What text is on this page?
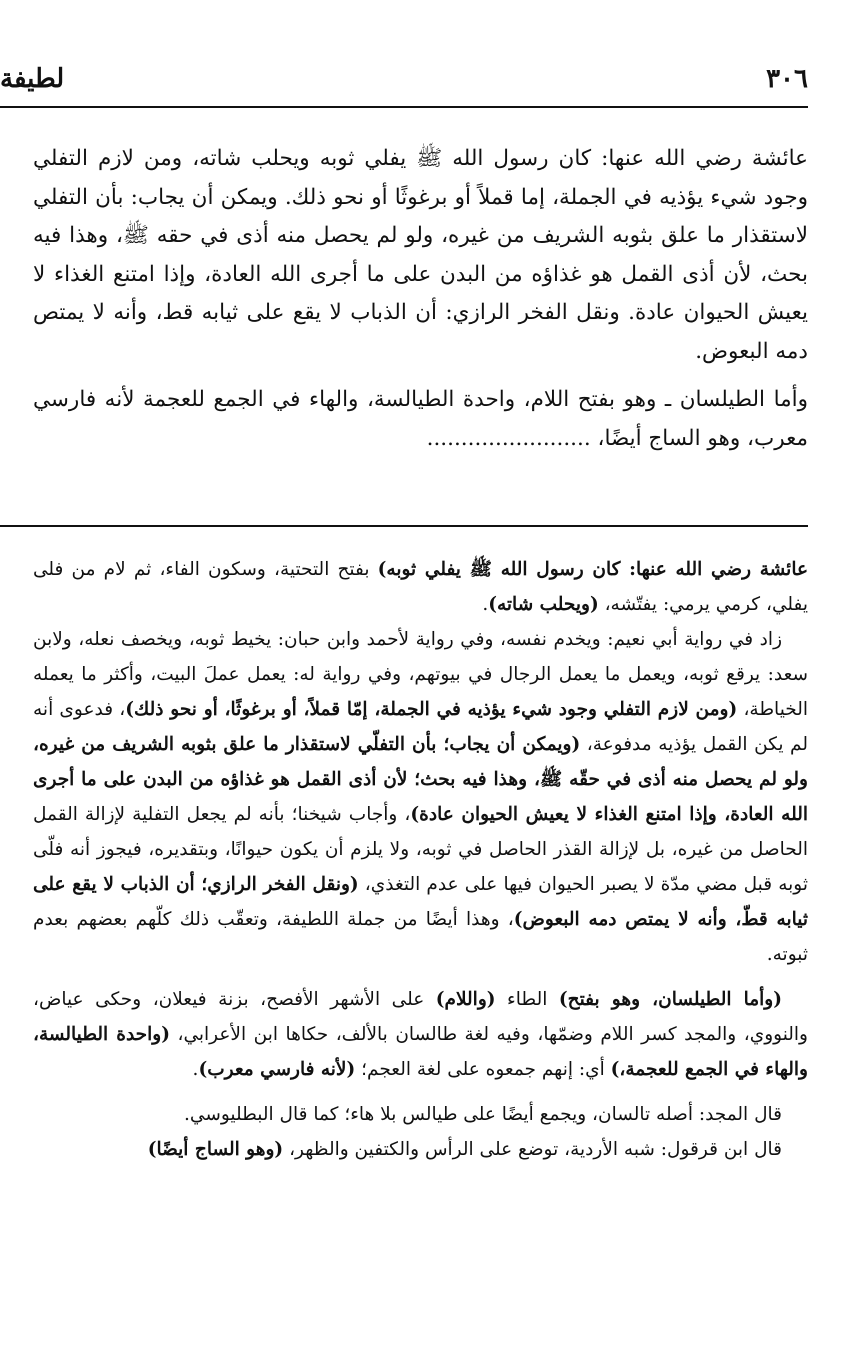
٣٠٦
لطيفة

عائشة رضي الله عنها: كان رسول الله ﷺ يفلي ثوبه ويحلب شاته، ومن لازم التفلي وجود شيء يؤذيه في الجملة، إما قملاً أو برغوثًا أو نحو ذلك. ويمكن أن يجاب: بأن التفلي لاستقذار ما علق بثوبه الشريف من غيره، ولو لم يحصل منه أذى في حقه ﷺ، وهذا فيه بحث، لأن أذى القمل هو غذاؤه من البدن على ما أجرى الله العادة، وإذا امتنع الغذاء لا يعيش الحيوان عادة. ونقل الفخر الرازي: أن الذباب لا يقع على ثيابه قط، وأنه لا يمتص دمه البعوض.

وأما الطيلسان ـ وهو بفتح اللام، واحدة الطيالسة، والهاء في الجمع للعجمة لأنه فارسي معرب، وهو الساج أيضًا، ........................

عائشة رضي الله عنها: كان رسول الله ﷺ يفلي ثوبه) بفتح التحتية، وسكون الفاء، ثم لام من فلى يفلي، كرمي يرمي: يفتّشه، (ويحلب شاته).

زاد في رواية أبي نعيم: ويخدم نفسه، وفي رواية لأحمد وابن حبان: يخيط ثوبه، ويخصف نعله، ولابن سعد: يرقع ثوبه، ويعمل ما يعمل الرجال في بيوتهم، وفي رواية له: يعمل عملَ البيت، وأكثر ما يعمله الخياطة، (ومن لازم التفلي وجود شيء يؤذيه في الجملة، إمّا قملاً، أو برغوثًا، أو نحو ذلك)، فدعوى أنه لم يكن القمل يؤذيه مدفوعة، (ويمكن أن يجاب؛ بأن التفلّي لاستقذار ما علق بثوبه الشريف من غيره، ولو لم يحصل منه أذى في حقّه ﷺ، وهذا فيه بحث؛ لأن أذى القمل هو غذاؤه من البدن على ما أجرى الله العادة، وإذا امتنع الغذاء لا يعيش الحيوان عادة)، وأجاب شيخنا؛ بأنه لم يجعل التفلية لإزالة القمل الحاصل من غيره، بل لإزالة القذر الحاصل في ثوبه، ولا يلزم أن يكون حيوانًا، وبتقديره، فيجوز أنه فلّى ثوبه قبل مضي مدّة لا يصبر الحيوان فيها على عدم التغذي، (ونقل الفخر الرازي؛ أن الذباب لا يقع على ثيابه قطّ، وأنه لا يمتص دمه البعوض)، وهذا أيضًا من جملة اللطيفة، وتعقّب ذلك كلّهم بعضهم بعدم ثبوته.

(وأما الطيلسان، وهو بفتح) الطاء (واللام) على الأشهر الأفصح، بزنة فيعلان، وحكى عياض، والنووي، والمجد كسر اللام وضمّها، وفيه لغة طالسان بالألف، حكاها ابن الأعرابي، (واحدة الطيالسة، والهاء في الجمع للعجمة،) أي: إنهم جمعوه على لغة العجم؛ (لأنه فارسي معرب).

قال المجد: أصله تالسان، ويجمع أيضًا على طيالس بلا هاء؛ كما قال البطليوسي.

قال ابن قرقول: شبه الأردية، توضع على الرأس والكتفين والظهر، (وهو الساج أيضًا)
